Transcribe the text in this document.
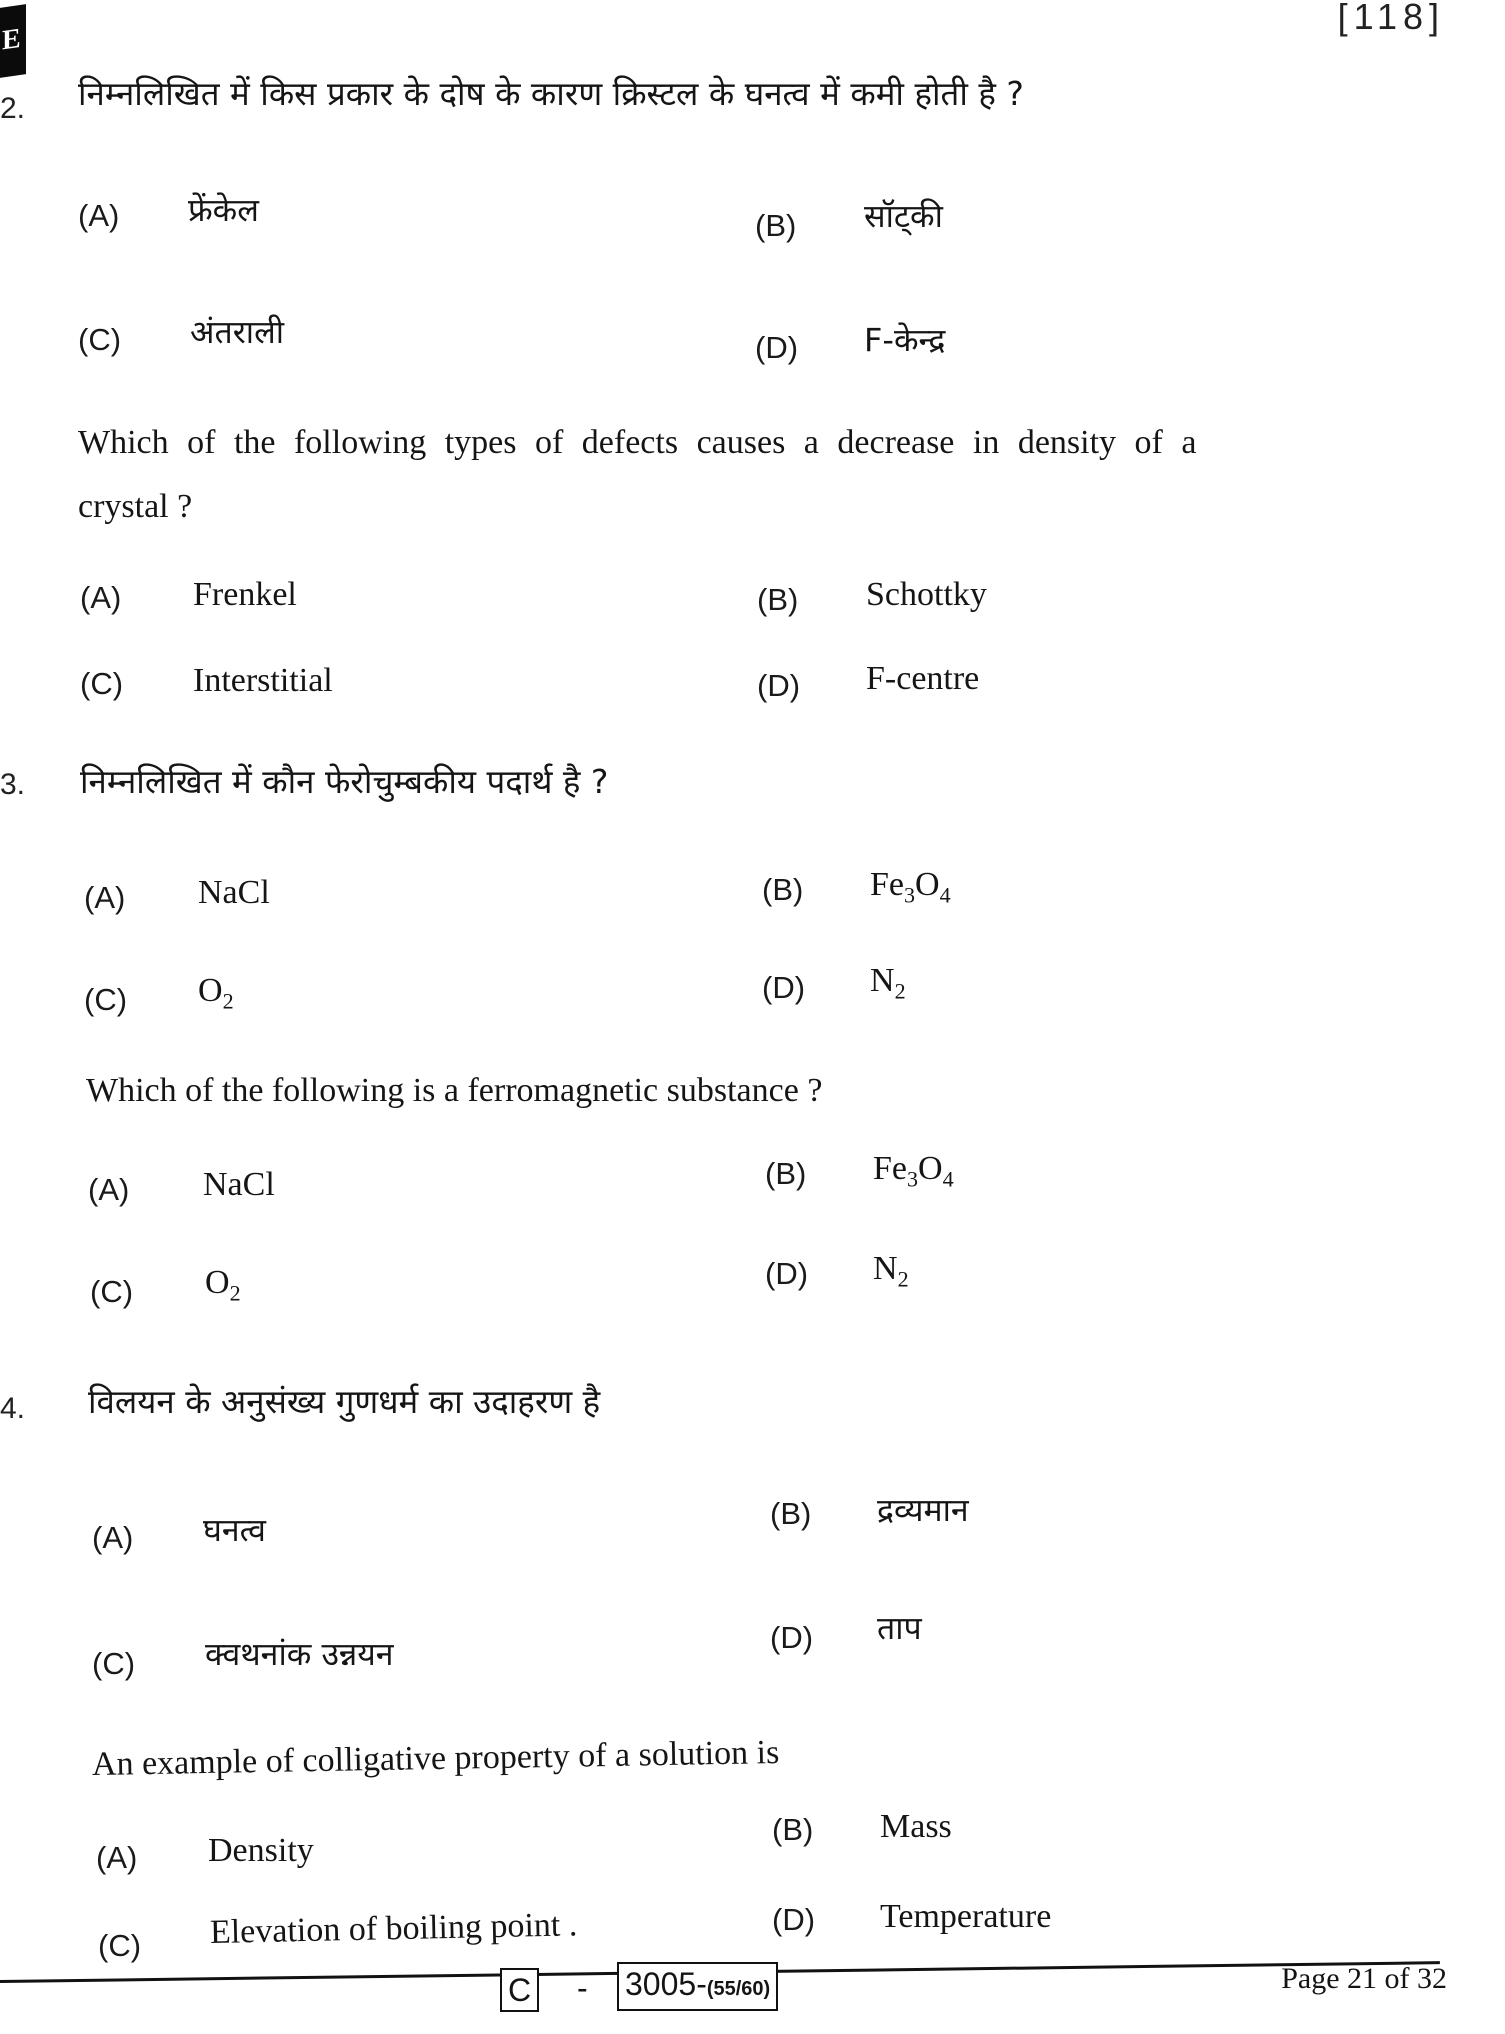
E
[118]
2. निम्नलिखित में किस प्रकार के दोष के कारण क्रिस्टल के घनत्व में कमी होती है ?
(A) फ्रेंकेल	(B) सॉट्की
(C) अंतराली	(D) F-केन्द्र
Which of the following types of defects causes a decrease in density of a
crystal ?
(A) Frenkel	(B) Schottky
(C) Interstitial	(D) F-centre
3. निम्नलिखित में कौन फेरोचुम्बकीय पदार्थ है ?
(A) NaCl	(B) $Fe_3O_4$
(C) $O_2$	(D) $N_2$
Which of the following is a ferromagnetic substance ?
(A) NaCl	(B) $Fe_3O_4$
(C) $O_2$
(D) $N_2$
4. विलयन के अनुसंख्य गुणधर्म का उदाहरण है
(A) घनत्व	(B) द्रव्यमान
(C) क्वथनांक उन्नयन	(D) ताप
An example of colligative property of a solution is
(A) Density
(B) Mass
(C) Elevation of boiling point .	(D) Temperature
C - 3005-(55/60)	Page 21 of 32
